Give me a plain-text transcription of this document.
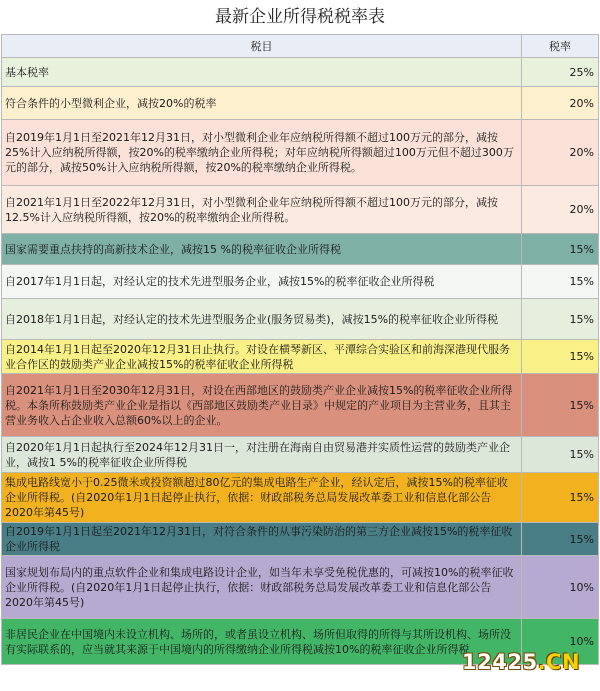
最新企业所得税税率表
税目	税率
基本税率	25%
符合条件的小型微利企业，减按20%的税率	20%
自2019年1月1日至2021年12月31日，对小型微利企业年应纳税所得额不超过100万元的部分，减按25%计入应纳税所得额，按20%的税率缴纳企业所得税；对年应纳税所得额超过100万元但不超过300万元的部分，减按50%计入应纳税所得额，按20%的税率缴纳企业所得税。	20%
自2021年1月1日至2022年12月31日，对小型微利企业年应纳税所得额不超过100万元的部分，减按12.5%计入应纳税所得额，按20%的税率缴纳企业所得税。	20%
国家需要重点扶持的高新技术企业，减按15 %的税率征收企业所得税	15%
自2017年1月1日起，对经认定的技术先进型服务企业，减按15%的税率征收企业所得税	15%
自2018年1月1日起，对经认定的技术先进型服务企业(服务贸易类)，减按15%的税率征收企业所得税	15%
自2014年1月1日起至2020年12月31日止执行。对设在横琴新区、平潭综合实验区和前海深港现代服务业合作区的鼓励类产业企业减按15%的税率征收企业所得税	15%
自2021年1月1日至2030年12月31日，对设在西部地区的鼓励类产业企业减按15%的税率征收企业所得税。本条所称鼓励类产业企业是指以《西部地区鼓励类产业目录》中规定的产业项目为主营业务，且其主营业务收入占企业收入总额60%以上的企业。	15%
自2020年1月1日起执行至2024年12月31日一，对注册在海南自由贸易港并实质性运营的鼓励类产业企业，减按1 5%的税率征收企业所得税	15%
集成电路线宽小于0.25微米或投资额超过80亿元的集成电路生产企业，经认定后，减按15%的税率征收企业所得税。(自2020年1月1日起停止执行，依据：财政部税务总局发展改革委工业和信息化部公告2020年第45号)	15%
自2019年1月1日起至2021年12月31日，对符合条件的从事污染防治的第三方企业减按15%的税率征收企业所得税	15%
国家规划布局内的重点软件企业和集成电路设计企业，如当年未享受免税优惠的，可减按10%的税率征收企业所得税。(自2020年1月1日起停止执行，依据：财政部税务总局发展改革委工业和信息化部公告2020年第45号)	10%
非居民企业在中国境内未设立机构、场所的，或者虽设立机构、场所但取得的所得与其所设机构、场所没有实际联系的，应当就其来源于中国境内的所得缴纳企业所得税减按10%的税率征收企业所得税	10%
12425.CN
